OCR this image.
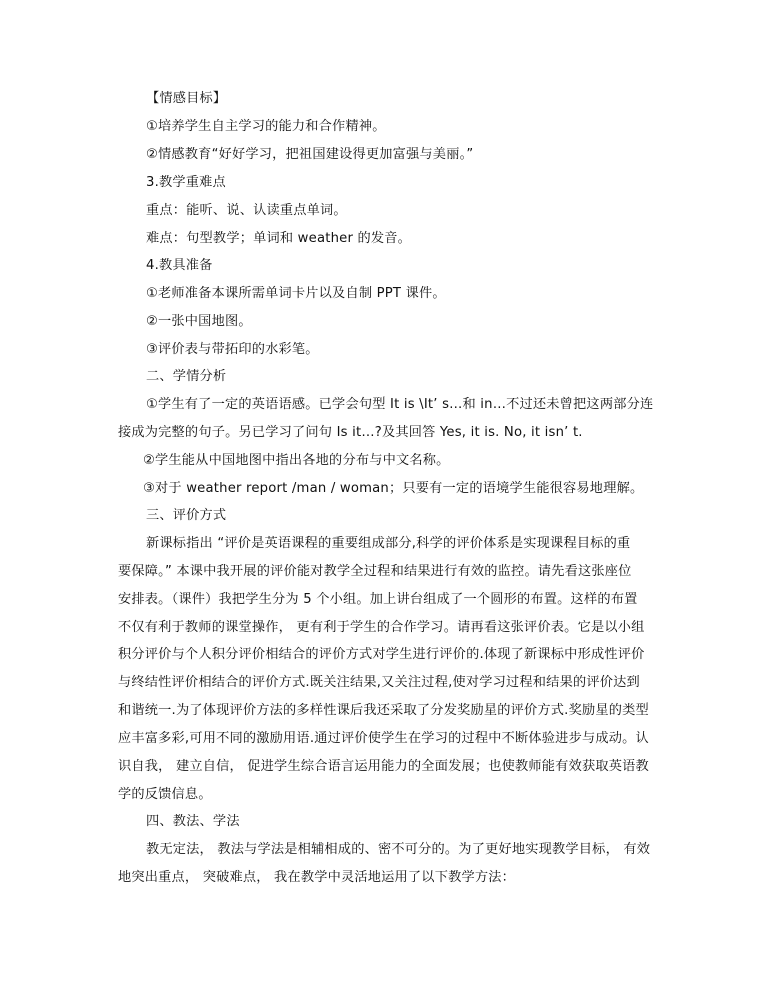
【情感目标】
①培养学生自主学习的能力和合作精神。
②情感教育“好好学习，把祖国建设得更加富强与美丽。”
3.教学重难点
重点：能听、说、认读重点单词。
难点：句型教学；单词和 weather 的发音。
4.教具准备
①老师准备本课所需单词卡片以及自制 PPT 课件。
②一张中国地图。
③评价表与带拓印的水彩笔。
二、学情分析
①学生有了一定的英语语感。已学会句型 It is \It’ s…和 in…不过还未曾把这两部分连
接成为完整的句子。另已学习了问句 Is it…?及其回答 Yes, it is. No, it isn’ t.
②学生能从中国地图中指出各地的分布与中文名称。
③对于 weather report /man / woman；只要有一定的语境学生能很容易地理解。
三、评价方式
新课标指出 “评价是英语课程的重要组成部分,科学的评价体系是实现课程目标的重
要保障。” 本课中我开展的评价能对教学全过程和结果进行有效的监控。请先看这张座位
安排表。（课件）我把学生分为 5 个小组。加上讲台组成了一个圆形的布置。这样的布置
不仅有利于教师的课堂操作， 更有利于学生的合作学习。请再看这张评价表。它是以小组
积分评价与个人积分评价相结合的评价方式对学生进行评价的.体现了新课标中形成性评价
与终结性评价相结合的评价方式.既关注结果,又关注过程,使对学习过程和结果的评价达到
和谐统一.为了体现评价方法的多样性课后我还采取了分发奖励星的评价方式.奖励星的类型
应丰富多彩,可用不同的激励用语.通过评价使学生在学习的过程中不断体验进步与成动。认
识自我， 建立自信， 促进学生综合语言运用能力的全面发展；也使教师能有效获取英语教
学的反馈信息。
四、教法、学法
教无定法， 教法与学法是相辅相成的、密不可分的。为了更好地实现教学目标， 有效
地突出重点， 突破难点， 我在教学中灵活地运用了以下教学方法：
